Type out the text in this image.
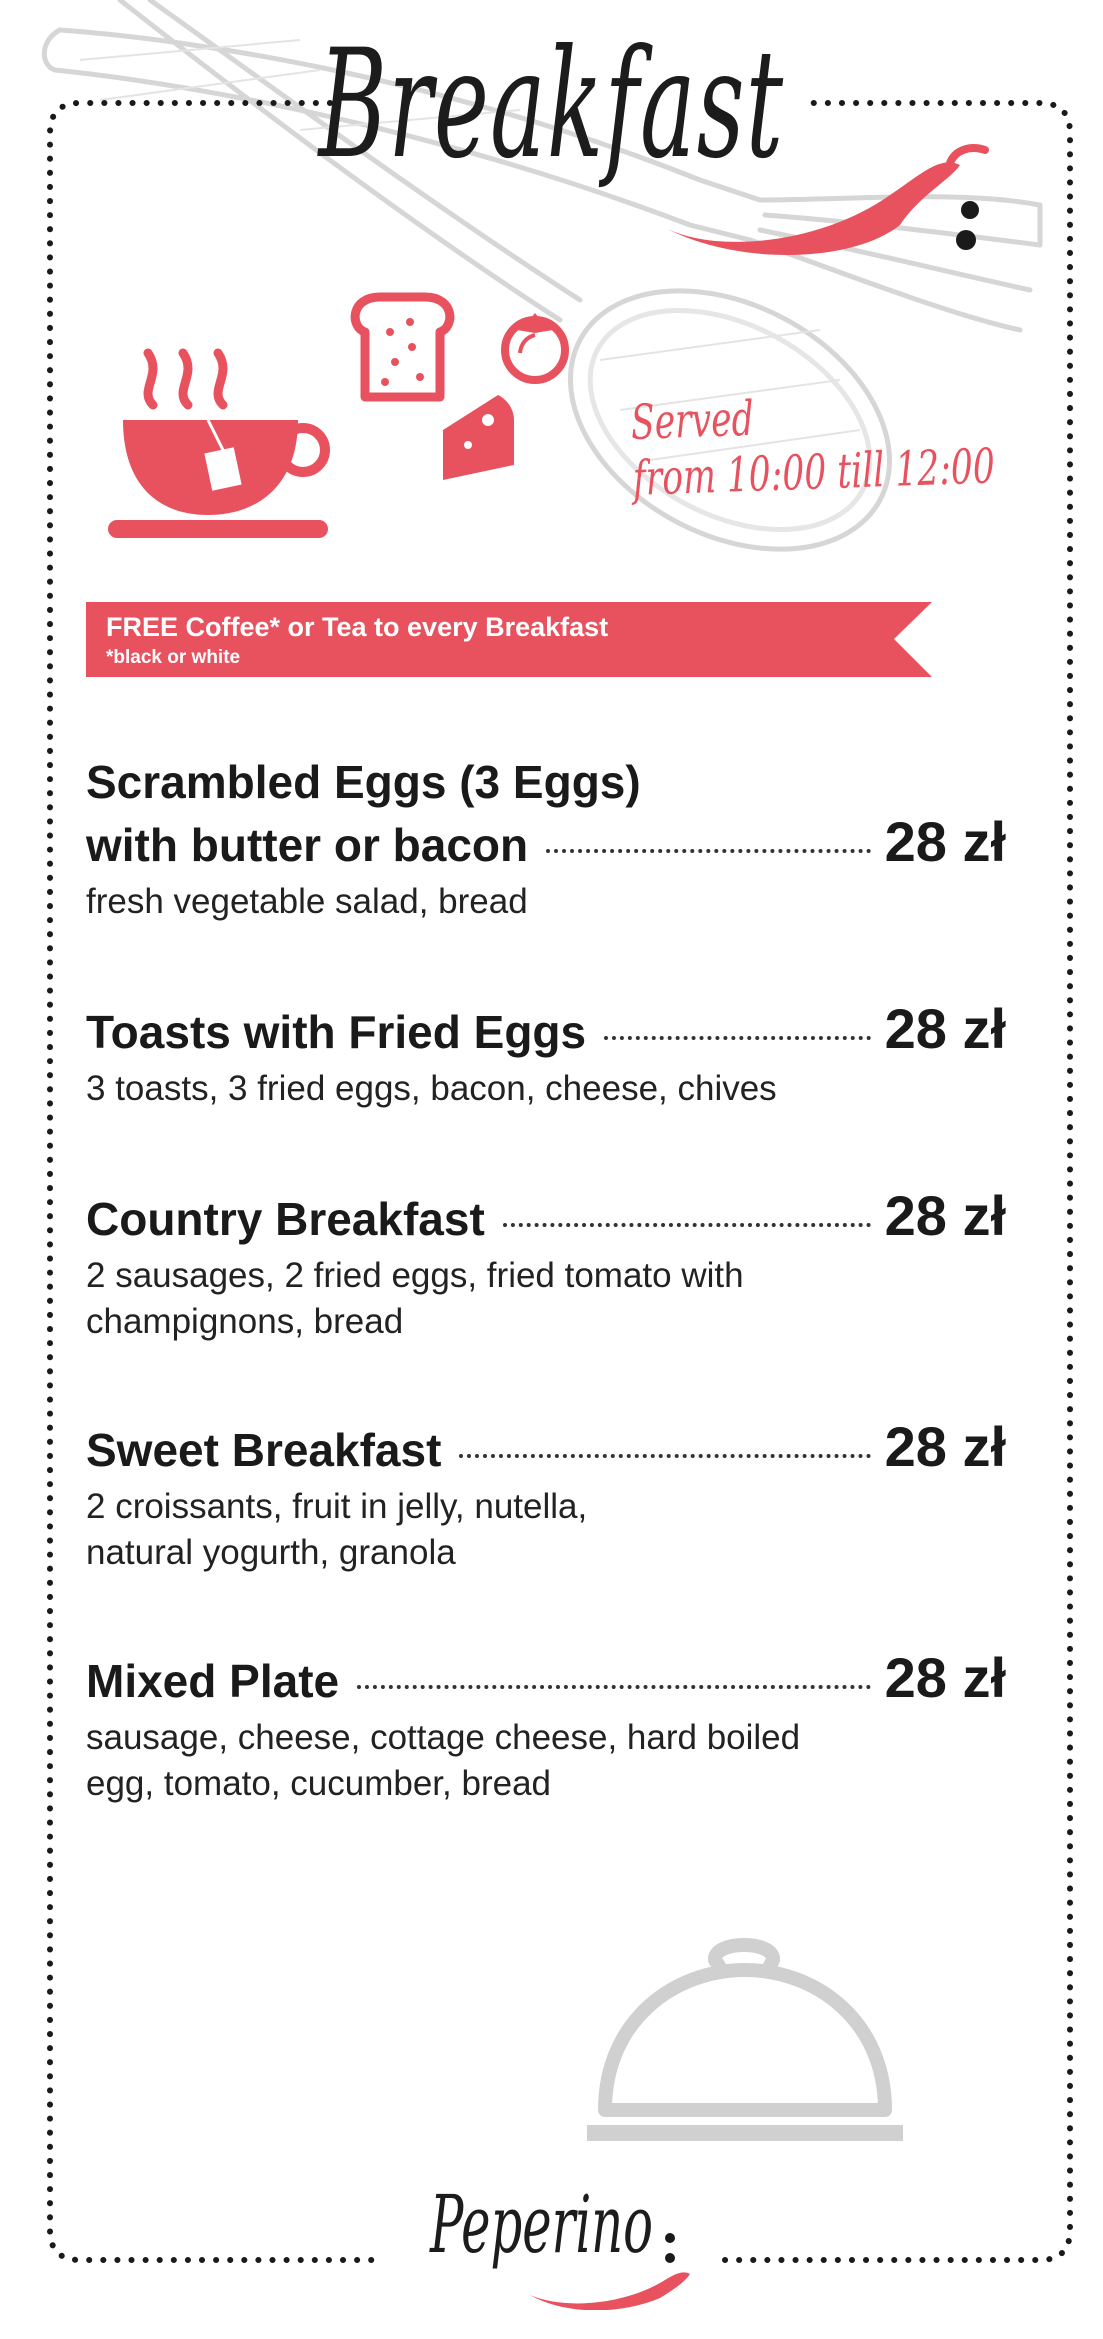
Breakfast
Served
from 10:00 till 12:00
FREE Coffee* or Tea to every Breakfast
*black or white
Scrambled Eggs (3 Eggs)
with butter or bacon	28 zł
fresh vegetable salad, bread
Toasts with Fried Eggs	28 zł
3 toasts, 3 fried eggs, bacon, cheese, chives
Country Breakfast	28 zł
2 sausages, 2 fried eggs, fried tomato with
champignons, bread
Sweet Breakfast	28 zł
2 croissants, fruit in jelly, nutella,
natural yogurth, granola
Mixed Plate	28 zł
sausage, cheese, cottage cheese, hard boiled
egg, tomato, cucumber, bread
Peperino
